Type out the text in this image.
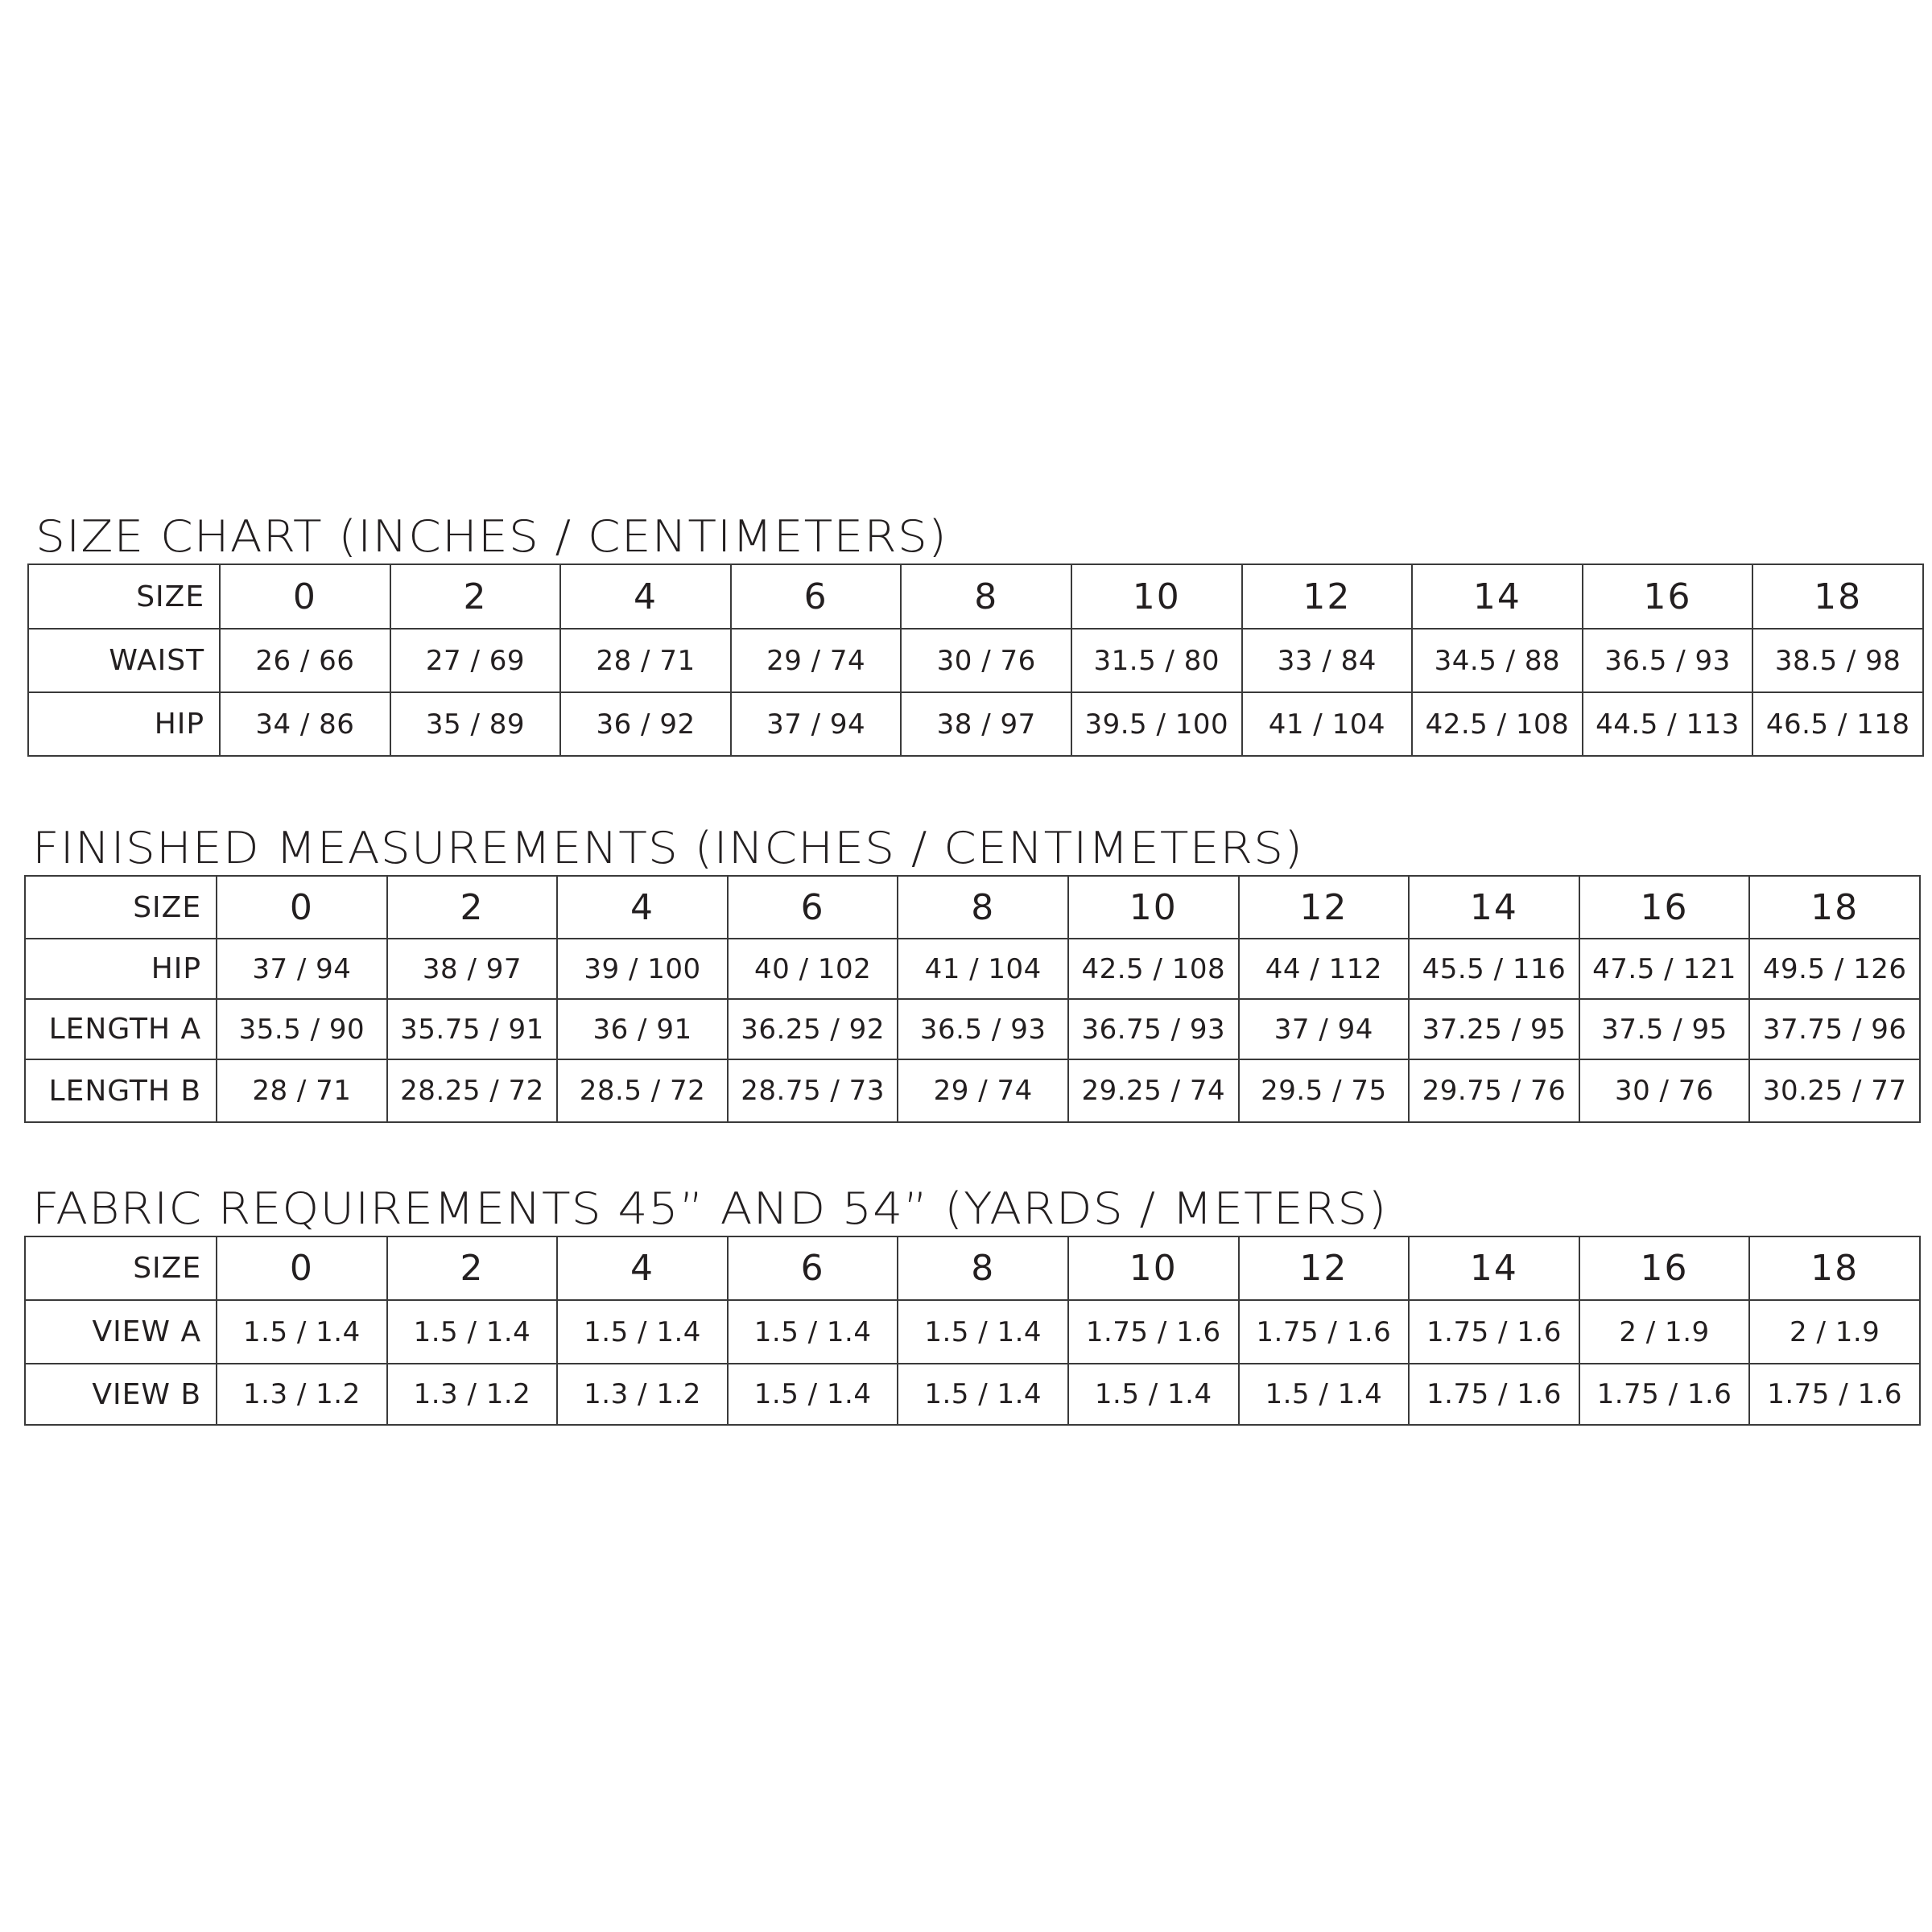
SIZE CHART (INCHES / CENTIMETERS)
SIZE	0	2	4	6	8	10	12	14	16	18
WAIST	26 / 66	27 / 69	28 / 71	29 / 74	30 / 76	31.5 / 80	33 / 84	34.5 / 88	36.5 / 93	38.5 / 98
HIP	34 / 86	35 / 89	36 / 92	37 / 94	38 / 97	39.5 / 100	41 / 104	42.5 / 108	44.5 / 113	46.5 / 118
FINISHED MEASUREMENTS (INCHES / CENTIMETERS)
SIZE	0	2	4	6	8	10	12	14	16	18
HIP	37 / 94	38 / 97	39 / 100	40 / 102	41 / 104	42.5 / 108	44 / 112	45.5 / 116	47.5 / 121	49.5 / 126
LENGTH A	35.5 / 90	35.75 / 91	36 / 91	36.25 / 92	36.5 / 93	36.75 / 93	37 / 94	37.25 / 95	37.5 / 95	37.75 / 96
LENGTH B	28 / 71	28.25 / 72	28.5 / 72	28.75 / 73	29 / 74	29.25 / 74	29.5 / 75	29.75 / 76	30 / 76	30.25 / 77
FABRIC REQUIREMENTS 45” AND 54” (YARDS / METERS)
SIZE	0	2	4	6	8	10	12	14	16	18
VIEW A	1.5 / 1.4	1.5 / 1.4	1.5 / 1.4	1.5 / 1.4	1.5 / 1.4	1.75 / 1.6	1.75 / 1.6	1.75 / 1.6	2 / 1.9	2 / 1.9
VIEW B	1.3 / 1.2	1.3 / 1.2	1.3 / 1.2	1.5 / 1.4	1.5 / 1.4	1.5 / 1.4	1.5 / 1.4	1.75 / 1.6	1.75 / 1.6	1.75 / 1.6
